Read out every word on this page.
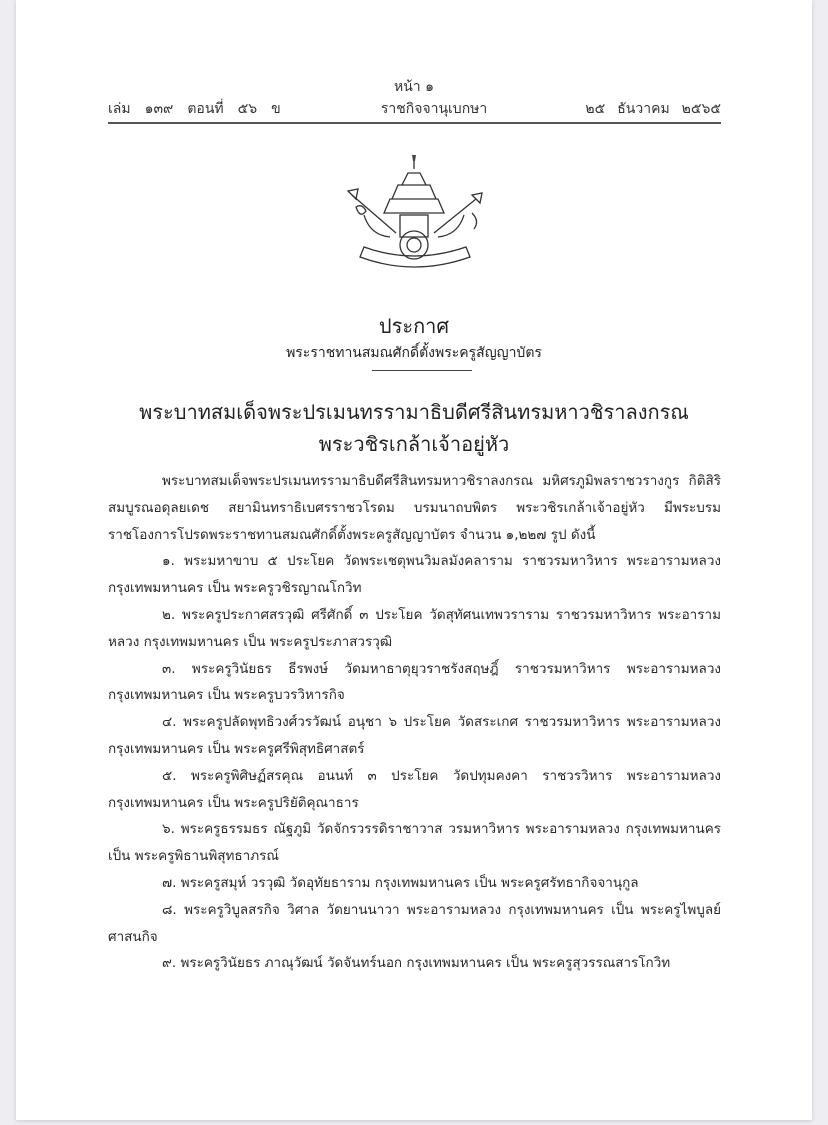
หน้า ๑
เล่ม ๑๓๙ ตอนที่ ๕๖ ข	ราชกิจจานุเบกษา	๒๕ ธันวาคม ๒๕๖๕
ประกาศ
พระราชทานสมณศักดิ์ตั้งพระครูสัญญาบัตร
พระบาทสมเด็จพระปรเมนทรรามาธิบดีศรีสินทรมหาวชิราลงกรณ
พระวชิรเกล้าเจ้าอยู่หัว

พระบาทสมเด็จพระปรเมนทรรามาธิบดีศรีสินทรมหาวชิราลงกรณ มหิศรภูมิพลราชวรางกูร กิติสิริสมบูรณอดุลยเดช สยามินทราธิเบศรราชวโรดม บรมนาถบพิตร พระวชิรเกล้าเจ้าอยู่หัว มีพระบรมราชโองการโปรดพระราชทานสมณศักดิ์ตั้งพระครูสัญญาบัตร จำนวน ๑,๒๒๗ รูป ดังนี้

๑. พระมหาขาบ ๕ ประโยค วัดพระเชตุพนวิมลมังคลาราม ราชวรมหาวิหาร พระอารามหลวง กรุงเทพมหานคร เป็น พระครูวชิรญาณโกวิท

๒. พระครูประกาศสรวุฒิ ศรีศักดิ์ ๓ ประโยค วัดสุทัศนเทพวราราม ราชวรมหาวิหาร พระอารามหลวง กรุงเทพมหานคร เป็น พระครูประภาสวรวุฒิ

๓. พระครูวินัยธร ธีรพงษ์ วัดมหาธาตุยุวราชรังสฤษฎิ์ ราชวรมหาวิหาร พระอารามหลวง กรุงเทพมหานคร เป็น พระครูบวรวิหารกิจ

๔. พระครูปลัดพุทธิวงศ์วรวัฒน์ อนุชา ๖ ประโยค วัดสระเกศ ราชวรมหาวิหาร พระอารามหลวง กรุงเทพมหานคร เป็น พระครูศรีพิสุทธิศาสตร์

๕. พระครูพิศิษฏ์สรคุณ อนนท์ ๓ ประโยค วัดปทุมคงคา ราชวรวิหาร พระอารามหลวง กรุงเทพมหานคร เป็น พระครูปริยัติคุณาธาร

๖. พระครูธรรมธร ณัฐภูมิ วัดจักรวรรดิราชาวาส วรมหาวิหาร พระอารามหลวง กรุงเทพมหานคร เป็น พระครูพิธานพิสุทธาภรณ์

๗. พระครูสมุห์ วรวุฒิ วัดอุทัยธาราม กรุงเทพมหานคร เป็น พระครูศรัทธากิจจานุกูล

๘. พระครูวิบูลสรกิจ วิศาล วัดยานนาวา พระอารามหลวง กรุงเทพมหานคร เป็น พระครูไพบูลย์ศาสนกิจ

๙. พระครูวินัยธร ภาณุวัฒน์ วัดจันทร์นอก กรุงเทพมหานคร เป็น พระครูสุวรรณสารโกวิท
